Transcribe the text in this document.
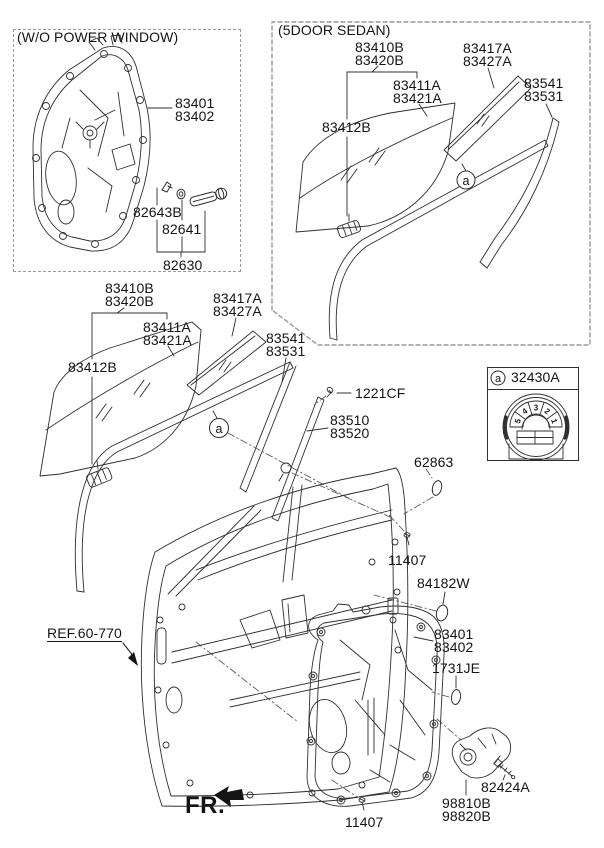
a
a
5
4 3 2
1
a
(W/O POWER WINDOW)
83401
83402
82643B
82641
82630
(5DOOR SEDAN)
83410B
83420B
83417A
83427A
83411A
83421A
83412B
83541
83531
83410B
83420B	83417A
83427A
83411A
83421A
83412B
83541
83531
1221CF
83510
83520
62863
32430A
REF.60-770
11407
84182W
83401
83402
1731JE
82424A
98810B
98820B
11407
FR.
